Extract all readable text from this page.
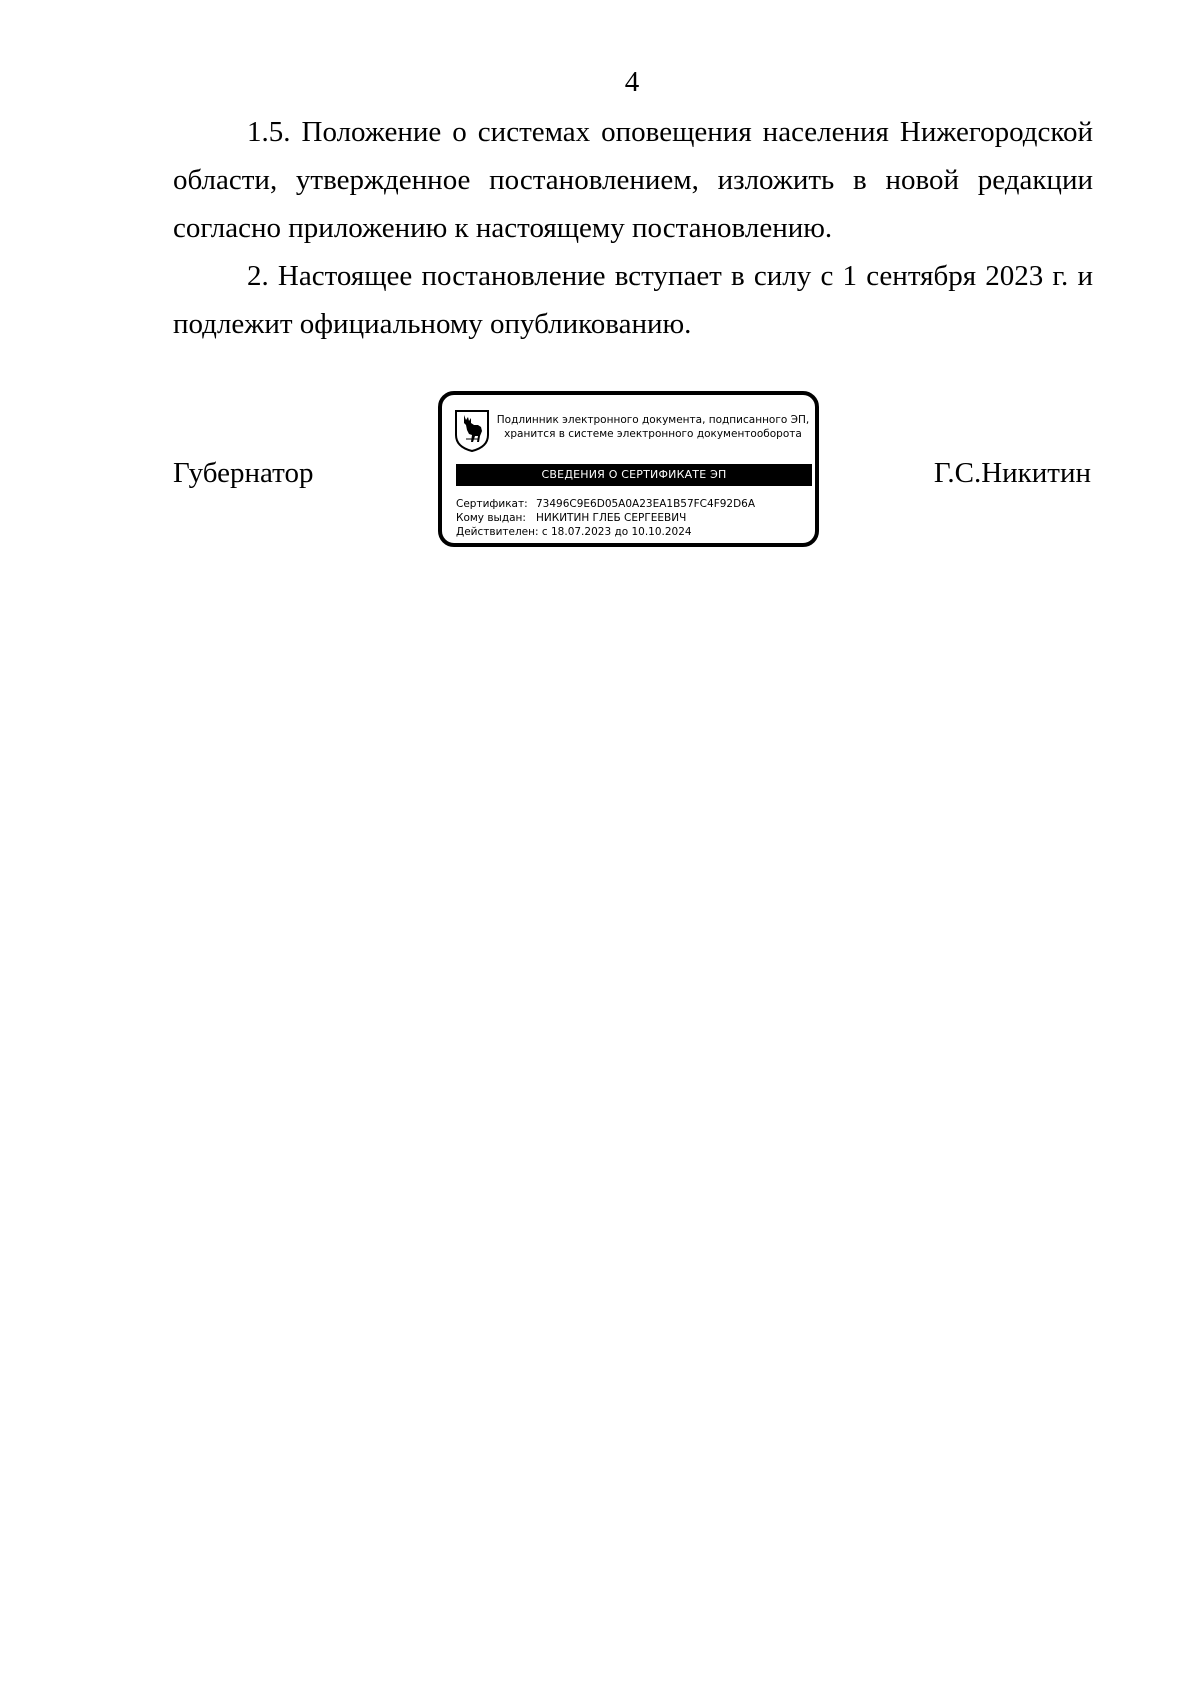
4

1.5. Положение о системах оповещения населения Нижегородской области, утвержденное постановлением, изложить в новой редакции согласно приложению к настоящему постановлению.

2. Настоящее постановление вступает в силу с 1 сентября 2023 г. и подлежит официальному опубликованию.

Губернатор
Подлинник электронного документа, подписанного ЭП,
хранится в системе электронного документооборота
СВЕДЕНИЯ О СЕРТИФИКАТЕ ЭП
Сертификат: 73496C9E6D05A0A23EA1B57FC4F92D6A
Кому выдан: НИКИТИН ГЛЕБ СЕРГЕЕВИЧ
Действителен: с 18.07.2023 до 10.10.2024
Г.С.Никитин
